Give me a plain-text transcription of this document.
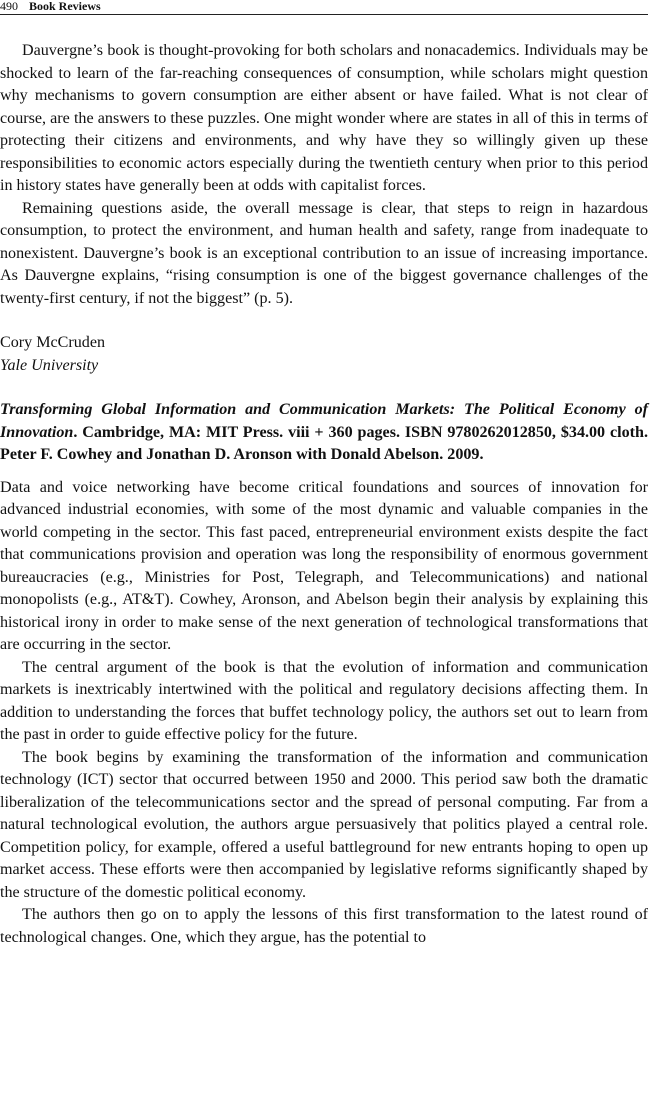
490 Book Reviews

Dauvergne’s book is thought-provoking for both scholars and nonacademics. Individuals may be shocked to learn of the far-reaching consequences of consumption, while scholars might question why mechanisms to govern consumption are either absent or have failed. What is not clear of course, are the answers to these puzzles. One might wonder where are states in all of this in terms of protecting their citizens and environments, and why have they so willingly given up these responsibilities to economic actors especially during the twentieth century when prior to this period in history states have generally been at odds with capitalist forces.

Remaining questions aside, the overall message is clear, that steps to reign in hazardous consumption, to protect the environment, and human health and safety, range from inadequate to nonexistent. Dauvergne’s book is an exceptional contribution to an issue of increasing importance. As Dauvergne explains, “rising consumption is one of the biggest governance challenges of the twenty-first century, if not the biggest” (p. 5).

Cory McCruden
Yale University

Transforming Global Information and Communication Markets: The Political Economy of Innovation. Cambridge, MA: MIT Press. viii + 360 pages. ISBN 9780262012850, $34.00 cloth. Peter F. Cowhey and Jonathan D. Aronson with Donald Abelson. 2009.

Data and voice networking have become critical foundations and sources of innovation for advanced industrial economies, with some of the most dynamic and valuable companies in the world competing in the sector. This fast paced, entrepreneurial environment exists despite the fact that communications provision and operation was long the responsibility of enormous government bureaucracies (e.g., Ministries for Post, Telegraph, and Telecommunications) and national monopolists (e.g., AT&T). Cowhey, Aronson, and Abelson begin their analysis by explaining this historical irony in order to make sense of the next generation of technological transformations that are occurring in the sector.

The central argument of the book is that the evolution of information and communication markets is inextricably intertwined with the political and regulatory decisions affecting them. In addition to understanding the forces that buffet technology policy, the authors set out to learn from the past in order to guide effective policy for the future.

The book begins by examining the transformation of the information and communication technology (ICT) sector that occurred between 1950 and 2000. This period saw both the dramatic liberalization of the telecommunications sector and the spread of personal computing. Far from a natural technological evolution, the authors argue persuasively that politics played a central role. Competition policy, for example, offered a useful battleground for new entrants hoping to open up market access. These efforts were then accompanied by legislative reforms significantly shaped by the structure of the domestic political economy.

The authors then go on to apply the lessons of this first transformation to the latest round of technological changes. One, which they argue, has the potential to
